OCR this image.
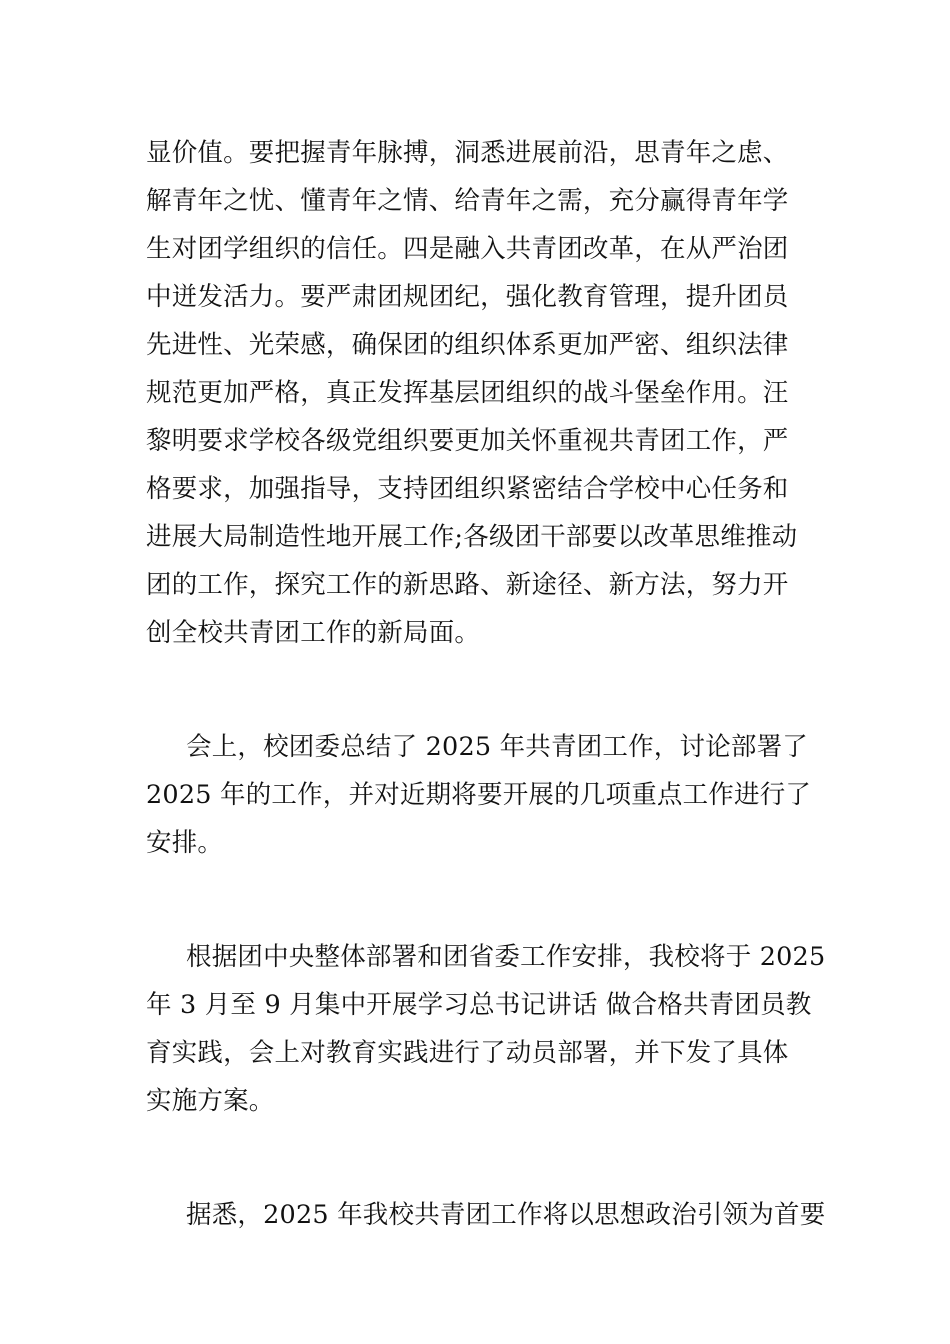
显价值。要把握青年脉搏，洞悉进展前沿，思青年之虑、
解青年之忧、懂青年之情、给青年之需，充分赢得青年学
生对团学组织的信任。四是融入共青团改革，在从严治团
中迸发活力。要严肃团规团纪，强化教育管理，提升团员
先进性、光荣感，确保团的组织体系更加严密、组织法律
规范更加严格，真正发挥基层团组织的战斗堡垒作用。汪
黎明要求学校各级党组织要更加关怀重视共青团工作，严
格要求，加强指导，支持团组织紧密结合学校中心任务和
进展大局制造性地开展工作;各级团干部要以改革思维推动
团的工作，探究工作的新思路、新途径、新方法，努力开
创全校共青团工作的新局面。
会上，校团委总结了 2025 年共青团工作，讨论部署了
2025 年的工作，并对近期将要开展的几项重点工作进行了
安排。
根据团中央整体部署和团省委工作安排，我校将于 2025
年 3 月至 9 月集中开展学习总书记讲话 做合格共青团员教
育实践，会上对教育实践进行了动员部署，并下发了具体
实施方案。
据悉，2025 年我校共青团工作将以思想政治引领为首要
